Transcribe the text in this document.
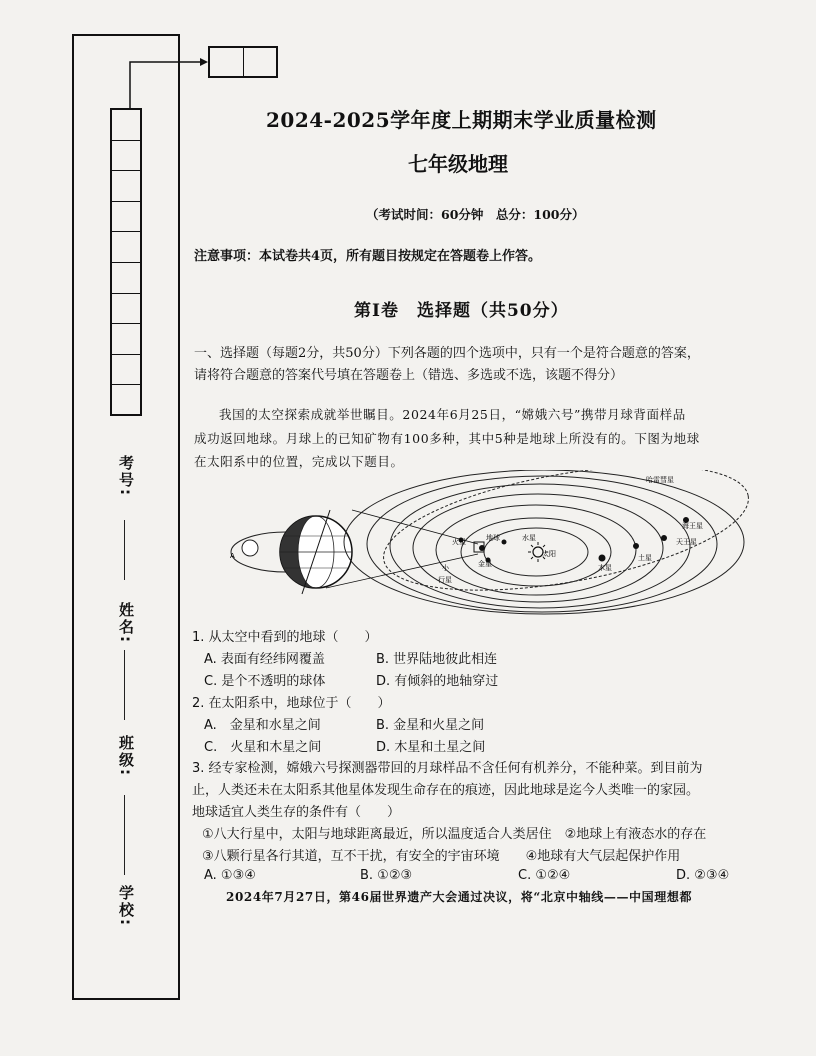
考号:
姓名:
班级:
学校:
2024-2025学年度上期期末学业质量检测
七年级地理
（考试时间：60分钟　总分：100分）
注意事项：本试卷共4页，所有题目按规定在答题卷上作答。
第Ⅰ卷　选择题（共50分）
一、选择题（每题2分，共50分）下列各题的四个选项中，只有一个是符合题意的答案，
请将符合题意的答案代号填在答题卷上（错选、多选或不选，该题不得分）
我国的太空探索成就举世瞩目。2024年6月25日，“嫦娥六号”携带月球背面样品
成功返回地球。月球上的已知矿物有100多种，其中5种是地球上所没有的。下图为地球
在太阳系中的位置，完成以下题目。
哈雷彗星
海王星
天王星
土星
木星
火星	地球
金星
水星
太阳
小
行星
A
1. 从太空中看到的地球（　　）
A. 表面有经纬网覆盖	B. 世界陆地彼此相连
C. 是个不透明的球体	D. 有倾斜的地轴穿过
2. 在太阳系中，地球位于（　　）
A.　金星和水星之间	B. 金星和火星之间
C.　火星和木星之间	D. 木星和土星之间
3. 经专家检测，嫦娥六号探测器带回的月球样品不含任何有机养分，不能种菜。到目前为
止，人类还未在太阳系其他星体发现生命存在的痕迹，因此地球是迄今人类唯一的家园。
地球适宜人类生存的条件有（　　）
①八大行星中，太阳与地球距离最近，所以温度适合人类居住　②地球上有液态水的存在
③八颗行星各行其道，互不干扰，有安全的宇宙环境　　④地球有大气层起保护作用
A. ①③④	B. ①②③	C. ①②④	D. ②③④
2024年7月27日，第46届世界遗产大会通过决议，将“北京中轴线——中国理想都
